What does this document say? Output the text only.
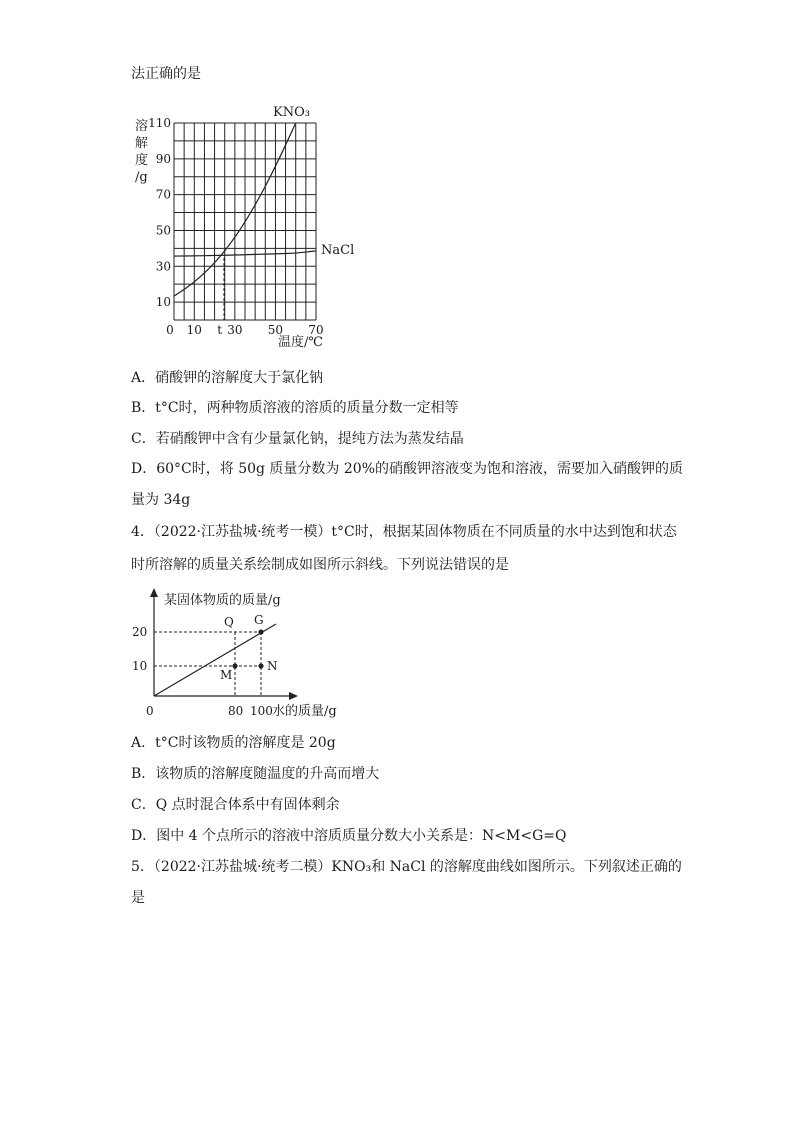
法正确的是
溶
解
度
/g
10
30
50
70
90
110
0 10 t 30 50 70
KNO₃
NaCl
温度/℃
A．硝酸钾的溶解度大于氯化钠
B．t°C时，两种物质溶液的溶质的质量分数一定相等
C．若硝酸钾中含有少量氯化钠，提纯方法为蒸发结晶
D．60°C时，将 50g 质量分数为 20%的硝酸钾溶液变为饱和溶液，需要加入硝酸钾的质
量为 34g
4．（2022·江苏盐城·统考一模）t°C时，根据某固体物质在不同质量的水中达到饱和状态
时所溶解的质量关系绘制成如图所示斜线。下列说法错误的是
某固体物质的质量/g
20
10
Q G
M
N
0	80 100 水的质量/g
A．t°C时该物质的溶解度是 20g
B．该物质的溶解度随温度的升高而增大
C．Q 点时混合体系中有固体剩余
D．图中 4 个点所示的溶液中溶质质量分数大小关系是：N<M<G=Q
5．（2022·江苏盐城·统考二模）KNO₃和 NaCl 的溶解度曲线如图所示。下列叙述正确的
是
